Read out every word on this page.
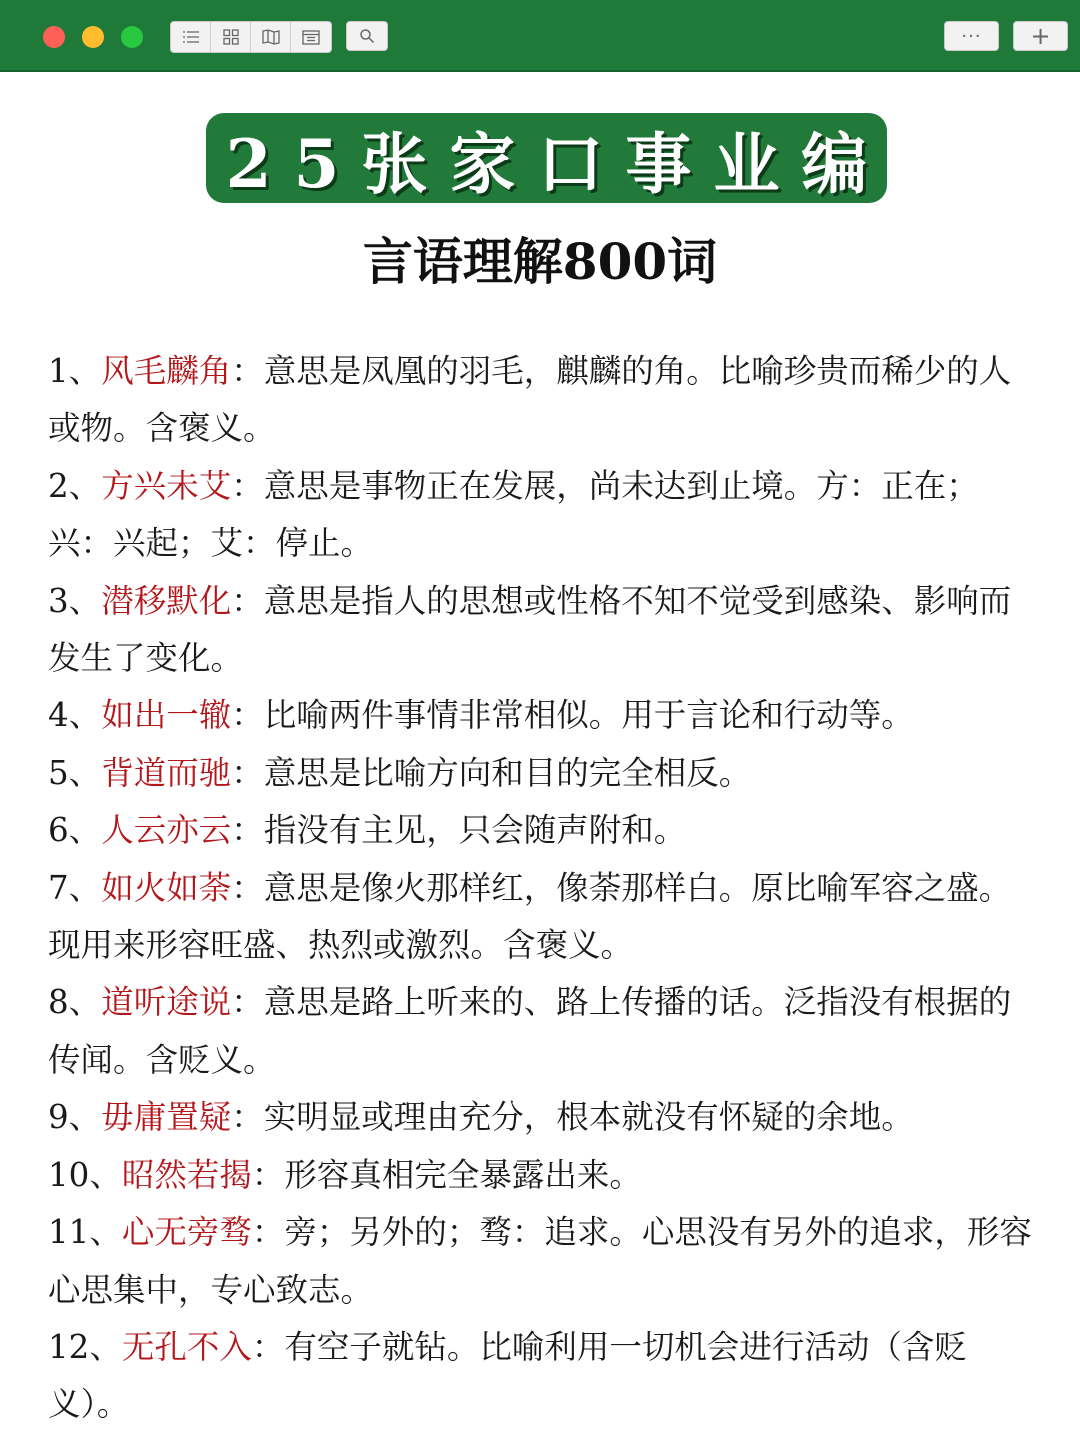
···	+
25张家口事业编
言语理解800词

1、风毛麟角：意思是凤凰的羽毛，麒麟的角。比喻珍贵而稀少的人或物。含褒义。

2、方兴未艾：意思是事物正在发展，尚未达到止境。方：正在；兴：兴起；艾：停止。

3、潜移默化：意思是指人的思想或性格不知不觉受到感染、影响而发生了变化。

4、如出一辙：比喻两件事情非常相似。用于言论和行动等。

5、背道而驰：意思是比喻方向和目的完全相反。

6、人云亦云：指没有主见，只会随声附和。

7、如火如荼：意思是像火那样红，像荼那样白。原比喻军容之盛。现用来形容旺盛、热烈或激烈。含褒义。

8、道听途说：意思是路上听来的、路上传播的话。泛指没有根据的传闻。含贬义。

9、毋庸置疑：实明显或理由充分，根本就没有怀疑的余地。

10、昭然若揭：形容真相完全暴露出来。

11、心无旁骛：旁；另外的；骛：追求。心思没有另外的追求，形容心思集中，专心致志。

12、无孔不入：有空子就钻。比喻利用一切机会进行活动（含贬义）。
